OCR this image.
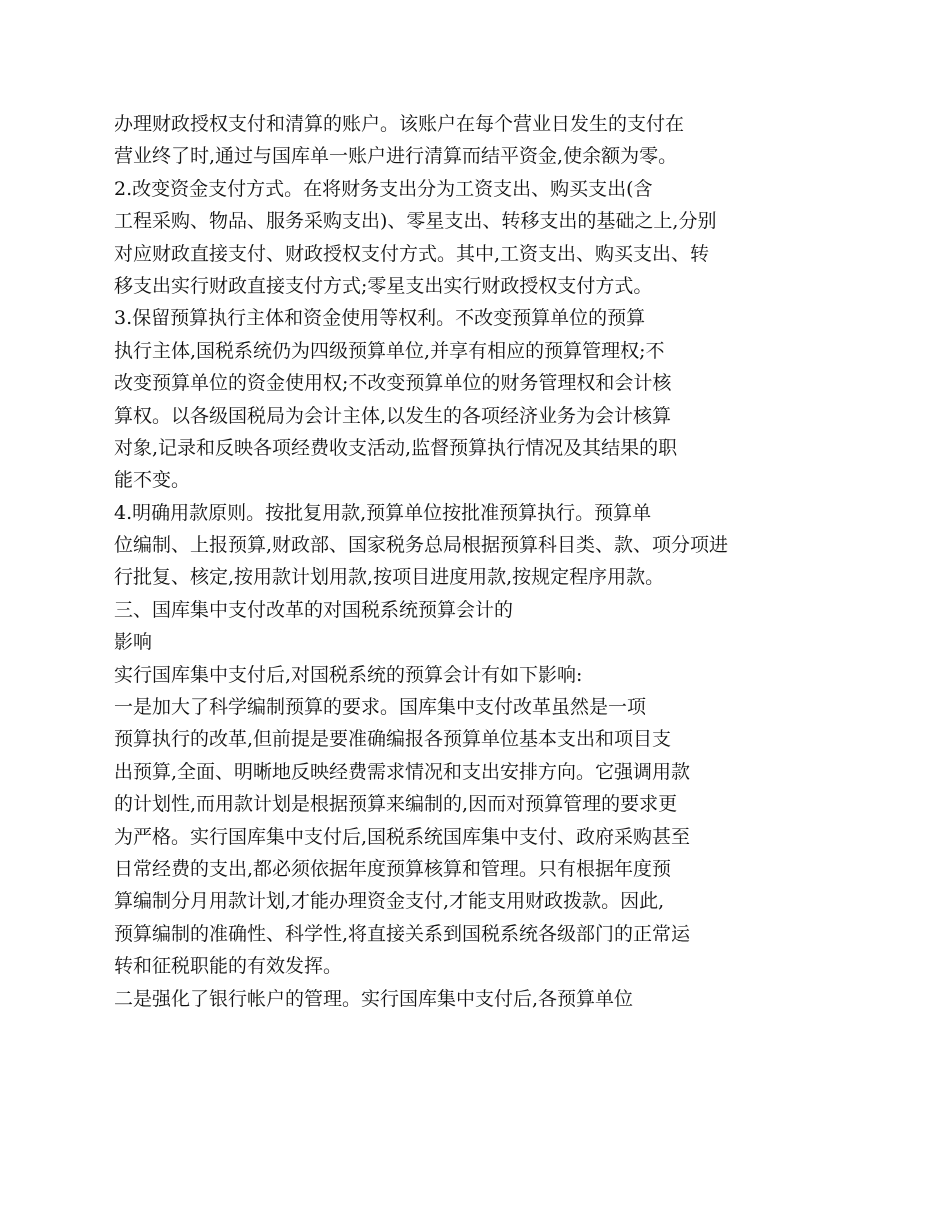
办理财政授权支付和清算的账户。该账户在每个营业日发生的支付在
营业终了时,通过与国库单一账户进行清算而结平资金,使余额为零。
2.改变资金支付方式。在将财务支出分为工资支出、购买支出(含
工程采购、物品、服务采购支出)、零星支出、转移支出的基础之上,分别
对应财政直接支付、财政授权支付方式。其中,工资支出、购买支出、转
移支出实行财政直接支付方式;零星支出实行财政授权支付方式。
3.保留预算执行主体和资金使用等权利。不改变预算单位的预算
执行主体,国税系统仍为四级预算单位,并享有相应的预算管理权;不
改变预算单位的资金使用权;不改变预算单位的财务管理权和会计核
算权。以各级国税局为会计主体,以发生的各项经济业务为会计核算
对象,记录和反映各项经费收支活动,监督预算执行情况及其结果的职
能不变。
4.明确用款原则。按批复用款,预算单位按批准预算执行。预算单
位编制、上报预算,财政部、国家税务总局根据预算科目类、款、项分项进
行批复、核定,按用款计划用款,按项目进度用款,按规定程序用款。
三、国库集中支付改革的对国税系统预算会计的
影响
实行国库集中支付后,对国税系统的预算会计有如下影响:
一是加大了科学编制预算的要求。国库集中支付改革虽然是一项
预算执行的改革,但前提是要准确编报各预算单位基本支出和项目支
出预算,全面、明晰地反映经费需求情况和支出安排方向。它强调用款
的计划性,而用款计划是根据预算来编制的,因而对预算管理的要求更
为严格。实行国库集中支付后,国税系统国库集中支付、政府采购甚至
日常经费的支出,都必须依据年度预算核算和管理。只有根据年度预
算编制分月用款计划,才能办理资金支付,才能支用财政拨款。因此,
预算编制的准确性、科学性,将直接关系到国税系统各级部门的正常运
转和征税职能的有效发挥。
二是强化了银行帐户的管理。实行国库集中支付后,各预算单位
